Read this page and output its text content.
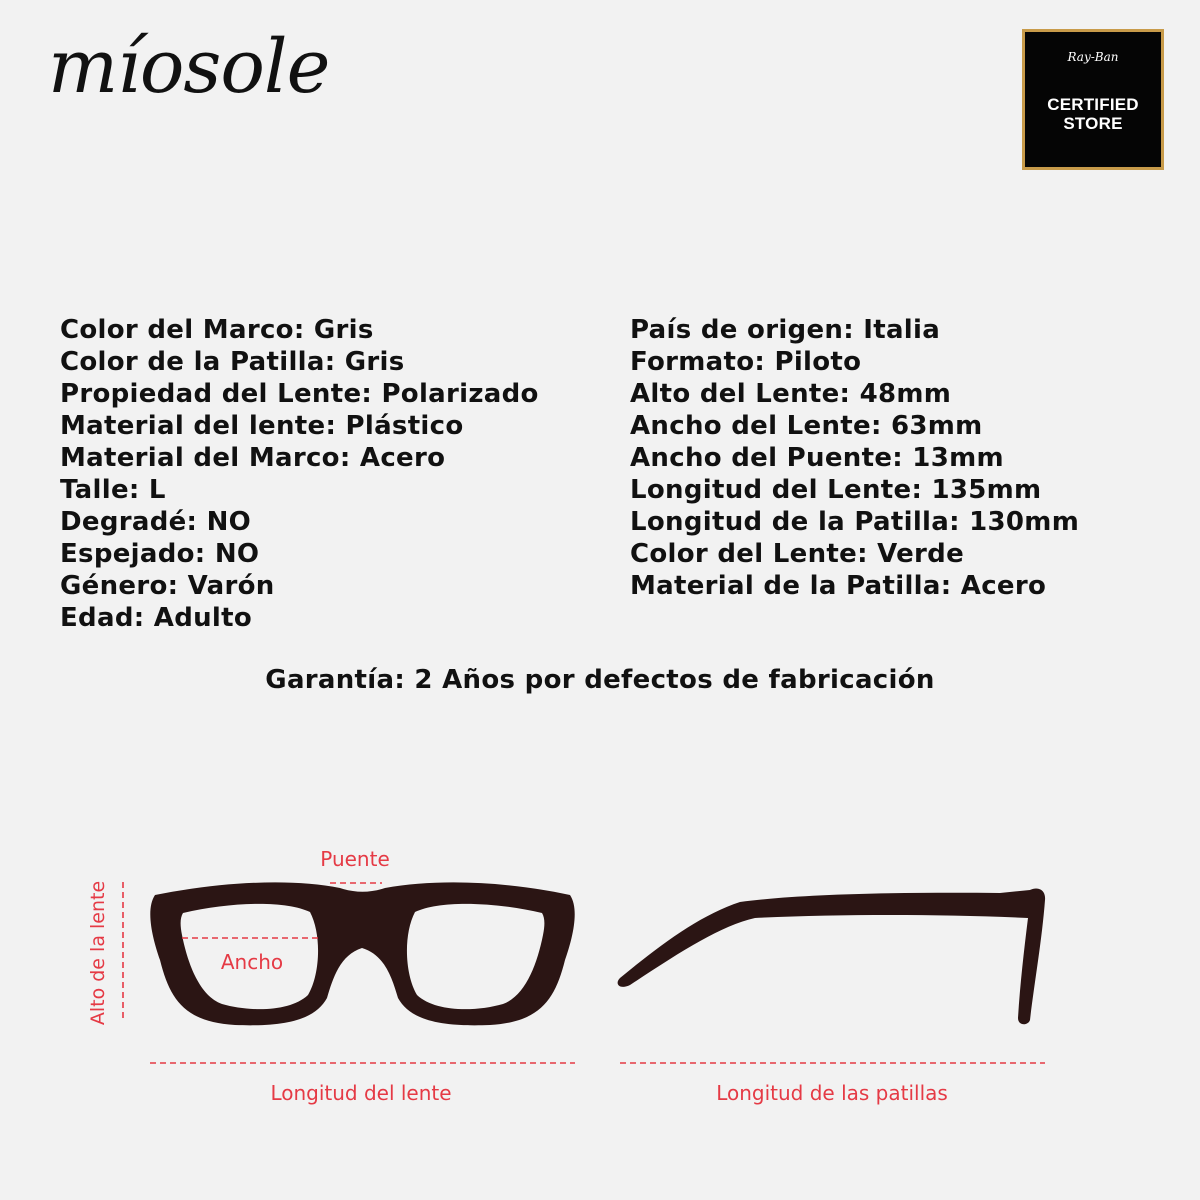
míosole	Ray-Ban
CERTIFIED
STORE
Color del Marco: Gris
Color de la Patilla: Gris
Propiedad del Lente: Polarizado
Material del lente: Plástico
Material del Marco: Acero
Talle: L
Degradé: NO
Espejado: NO
Género: Varón
Edad: Adulto
País de origen: Italia
Formato: Piloto
Alto del Lente: 48mm
Ancho del Lente: 63mm
Ancho del Puente: 13mm
Longitud del Lente: 135mm
Longitud de la Patilla: 130mm
Color del Lente: Verde
Material de la Patilla: Acero
Garantía: 2 Años por defectos de fabricación
Puente
Ancho
Alto de la lente
Longitud del lente	Longitud de las patillas
